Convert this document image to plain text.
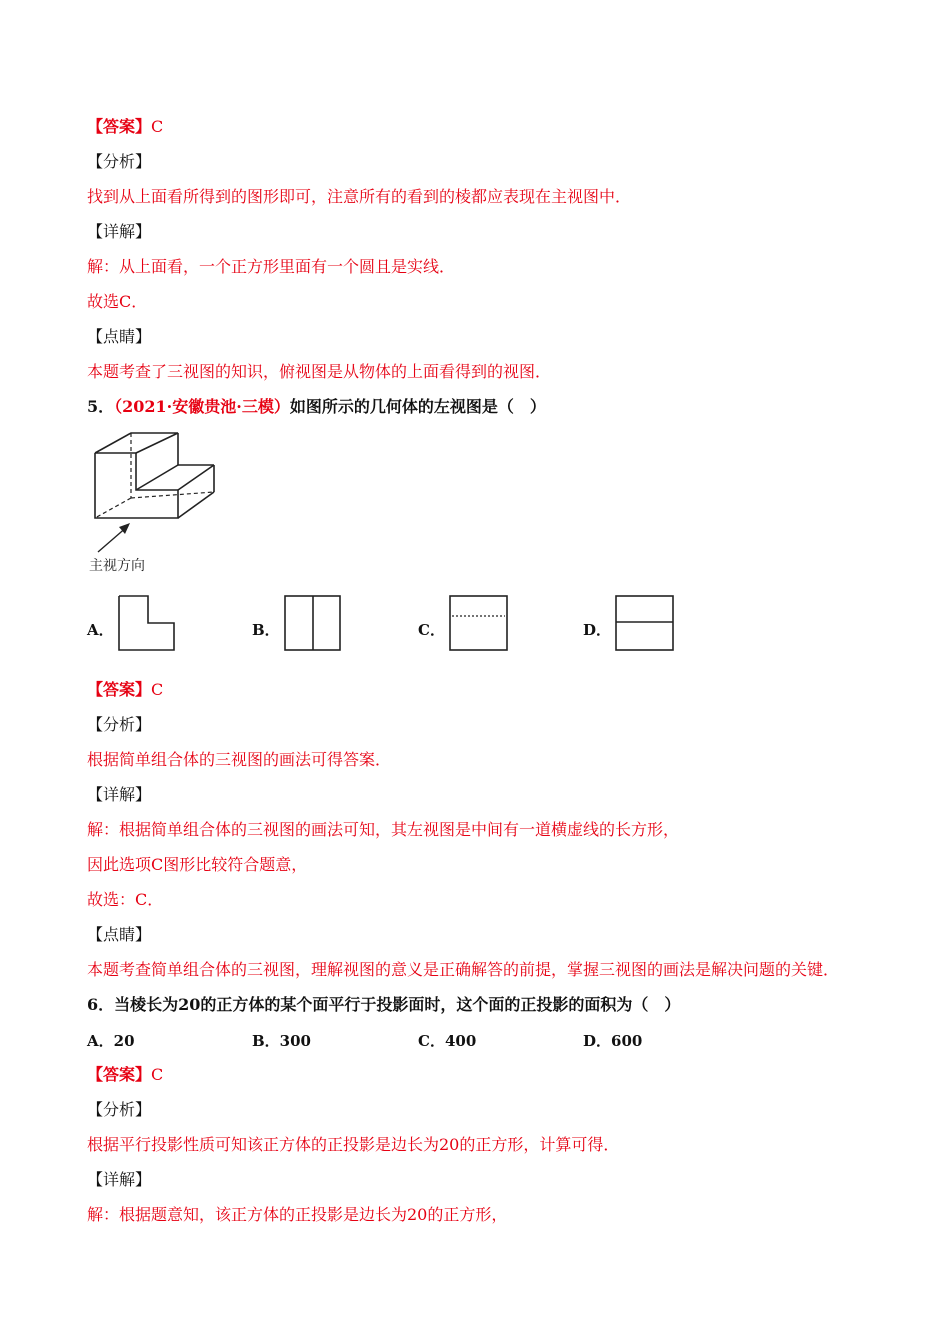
【答案】C
【分析】
找到从上面看所得到的图形即可，注意所有的看到的棱都应表现在主视图中．
【详解】
解：从上面看，一个正方形里面有一个圆且是实线．
故选C．
【点睛】
本题考查了三视图的知识，俯视图是从物体的上面看得到的视图．
5．（2021·安徽贵池·三模）如图所示的几何体的左视图是（　）
主视方向
A．	B．	C．	D．
【答案】C
【分析】
根据简单组合体的三视图的画法可得答案．
【详解】
解：根据简单组合体的三视图的画法可知，其左视图是中间有一道横虚线的长方形，
因此选项C图形比较符合题意，
故选：C．
【点睛】
本题考查简单组合体的三视图，理解视图的意义是正确解答的前提，掌握三视图的画法是解决问题的关键．
6．当棱长为20的正方体的某个面平行于投影面时，这个面的正投影的面积为（　）
A．20	B．300	C．400	D．600
【答案】C
【分析】
根据平行投影性质可知该正方体的正投影是边长为20的正方形，计算可得．
【详解】
解：根据题意知，该正方体的正投影是边长为20的正方形，
